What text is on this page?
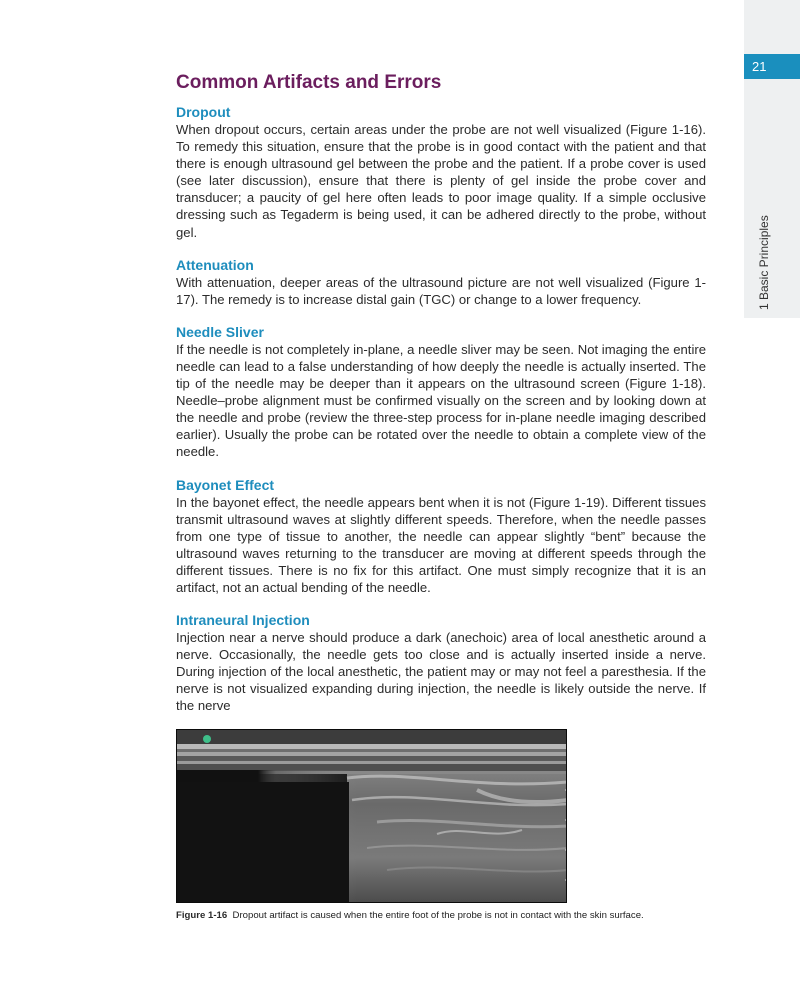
21
1 Basic Principles
Common Artifacts and Errors
Dropout

When dropout occurs, certain areas under the probe are not well visualized (Figure 1-16). To remedy this situation, ensure that the probe is in good contact with the patient and that there is enough ultrasound gel between the probe and the patient. If a probe cover is used (see later discussion), ensure that there is plenty of gel inside the probe cover and transducer; a paucity of gel here often leads to poor image quality. If a simple occlusive dressing such as Tegaderm is being used, it can be adhered directly to the probe, without gel.

Attenuation

With attenuation, deeper areas of the ultrasound picture are not well visualized (Figure 1-17). The remedy is to increase distal gain (TGC) or change to a lower frequency.

Needle Sliver

If the needle is not completely in-plane, a needle sliver may be seen. Not imaging the entire needle can lead to a false understanding of how deeply the needle is actually inserted. The tip of the needle may be deeper than it appears on the ultrasound screen (Figure 1-18). Needle–probe alignment must be confirmed visually on the screen and by looking down at the needle and probe (review the three-step process for in-plane needle imaging described earlier). Usually the probe can be rotated over the needle to obtain a complete view of the needle.

Bayonet Effect

In the bayonet effect, the needle appears bent when it is not (Figure 1-19). Different tissues transmit ultrasound waves at slightly different speeds. Therefore, when the needle passes from one type of tissue to another, the needle can appear slightly “bent” because the ultrasound waves returning to the transducer are moving at different speeds through the different tissues. There is no fix for this artifact. One must simply recognize that it is an artifact, not an actual bending of the needle.

Intraneural Injection

Injection near a nerve should produce a dark (anechoic) area of local anesthetic around a nerve. Occasionally, the needle gets too close and is actually inserted inside a nerve. During injection of the local anesthetic, the patient may or may not feel a paresthesia. If the nerve is not visualized expanding during injection, the needle is likely outside the nerve. If the nerve

Figure 1-16 Dropout artifact is caused when the entire foot of the probe is not in contact with the skin surface.
